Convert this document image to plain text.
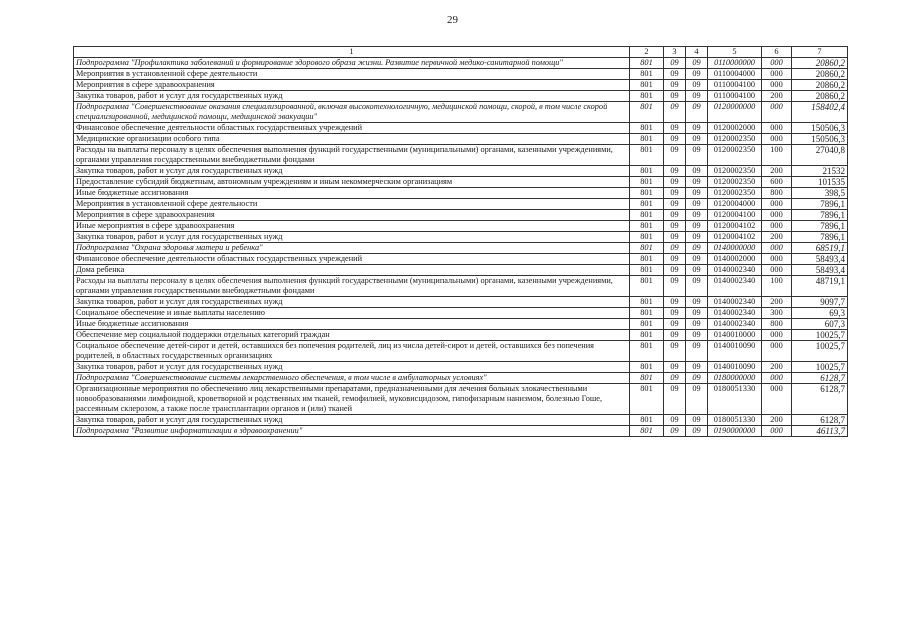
29
1	2	3	4	5	6	7
Подпрограмма "Профилактика заболеваний и формирование здорового образа жизни. Развитие первичной медико-санитарной помощи"	801	09	09	0110000000	000	20860,2
Мероприятия в установленной сфере деятельности	801	09	09	0110004000	000	20860,2
Мероприятия в сфере здравоохранения	801	09	09	0110004100	000	20860,2
Закупка товаров, работ и услуг для государственных нужд	801	09	09	0110004100	200	20860,2
Подпрограмма "Совершенствование оказания специализированной, включая высокотехнологичную, медицинской помощи, скорой, в том числе скорой специализированной, медицинской помощи, медицинской эвакуации"	801	09	09	0120000000	000	158402,4
Финансовое обеспечение деятельности областных государственных учреждений	801	09	09	0120002000	000	150506,3
Медицинские организации особого типа	801	09	09	0120002350	000	150506,3
Расходы на выплаты персоналу в целях обеспечения выполнения функций государственными (муниципальными) органами, казенными учреждениями, органами управления государственными внебюджетными фондами	801	09	09	0120002350	100	27040,8
Закупка товаров, работ и услуг для государственных нужд	801	09	09	0120002350	200	21532
Предоставление субсидий бюджетным, автономным учреждениям и иным некоммерческим организациям	801	09	09	0120002350	600	101535
Иные бюджетные ассигнования	801	09	09	0120002350	800	398,5
Мероприятия в установленной сфере деятельности	801	09	09	0120004000	000	7896,1
Мероприятия в сфере здравоохранения	801	09	09	0120004100	000	7896,1
Иные мероприятия в сфере здравоохранения	801	09	09	0120004102	000	7896,1
Закупка товаров, работ и услуг для государственных нужд	801	09	09	0120004102	200	7896,1
Подпрограмма "Охрана здоровья матери и ребенка"	801	09	09	0140000000	000	68519,1
Финансовое обеспечение деятельности областных государственных учреждений	801	09	09	0140002000	000	58493,4
Дома ребенка	801	09	09	0140002340	000	58493,4
Расходы на выплаты персоналу в целях обеспечения выполнения функций государственными (муниципальными) органами, казенными учреждениями, органами управления государственными внебюджетными фондами	801	09	09	0140002340	100	48719,1
Закупка товаров, работ и услуг для государственных нужд	801	09	09	0140002340	200	9097,7
Социальное обеспечение и иные выплаты населению	801	09	09	0140002340	300	69,3
Иные бюджетные ассигнования	801	09	09	0140002340	800	607,3
Обеспечение мер социальной поддержки отдельных категорий граждан	801	09	09	0140010000	000	10025,7
Социальное обеспечение детей-сирот и детей, оставшихся без попечения родителей, лиц из числа детей-сирот и детей, оставшихся без попечения родителей, в областных государственных организациях	801	09	09	0140010090	000	10025,7
Закупка товаров, работ и услуг для государственных нужд	801	09	09	0140010090	200	10025,7
Подпрограмма "Совершенствование системы лекарственного обеспечения, в том числе в амбулаторных условиях"	801	09	09	0180000000	000	6128,7
Организационные мероприятия по обеспечению лиц лекарственными препаратами, предназначенными для лечения больных злокачественными новообразованиями лимфоидной, кроветворной и родственных им тканей, гемофилией, муковисцидозом, гипофизарным нанизмом, болезнью Гоше, рассеянным склерозом, а также после трансплантации органов и (или) тканей	801	09	09	0180051330	000	6128,7
Закупка товаров, работ и услуг для государственных нужд	801	09	09	0180051330	200	6128,7
Подпрограмма "Развитие информатизации в здравоохранении"	801	09	09	0190000000	000	46113,7
